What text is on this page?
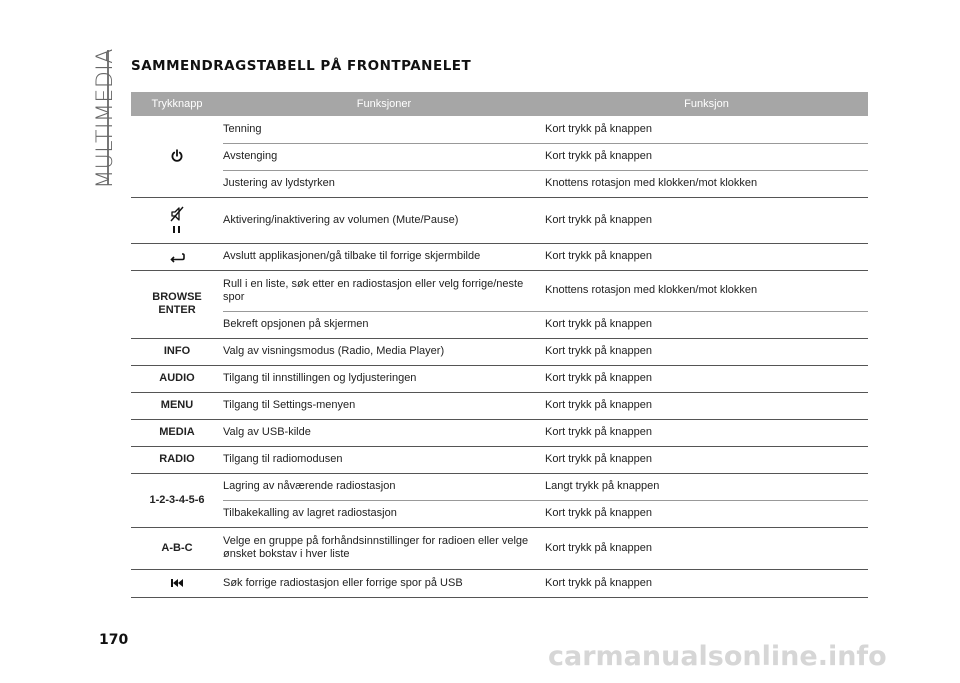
MULTIMEDIA SAMMENDRAGSTABELL PÅ FRONTPANELET
Trykknapp	Funksjoner	Funksjon

	Tenning	Kort trykk på knappen
	Avstenging	Kort trykk på knappen
	Justering av lydstyrken	Knottens rotasjon med klokken/mot klokken

	Aktivering/inaktivering av volumen (Mute/Pause)	Kort trykk på knappen

	Avslutt applikasjonen/gå tilbake til forrige skjermbilde	Kort trykk på knappen
BROWSE ENTER	Rull i en liste, søk etter en radiostasjon eller velg forrige/neste spor	Knottens rotasjon med klokken/mot klokken
	Bekreft opsjonen på skjermen	Kort trykk på knappen
INFO	Valg av visningsmodus (Radio, Media Player)	Kort trykk på knappen
AUDIO	Tilgang til innstillingen og lydjusteringen	Kort trykk på knappen
MENU	Tilgang til Settings-menyen	Kort trykk på knappen
MEDIA	Valg av USB-kilde	Kort trykk på knappen
RADIO	Tilgang til radiomodusen	Kort trykk på knappen
1-2-3-4-5-6	Lagring av nåværende radiostasjon	Langt trykk på knappen
	Tilbakekalling av lagret radiostasjon	Kort trykk på knappen
A-B-C	Velge en gruppe på forhåndsinnstillinger for radioen eller velge ønsket bokstav i hver liste	Kort trykk på knappen

	Søk forrige radiostasjon eller forrige spor på USB	Kort trykk på knappen
170

carmanualsonline.info
